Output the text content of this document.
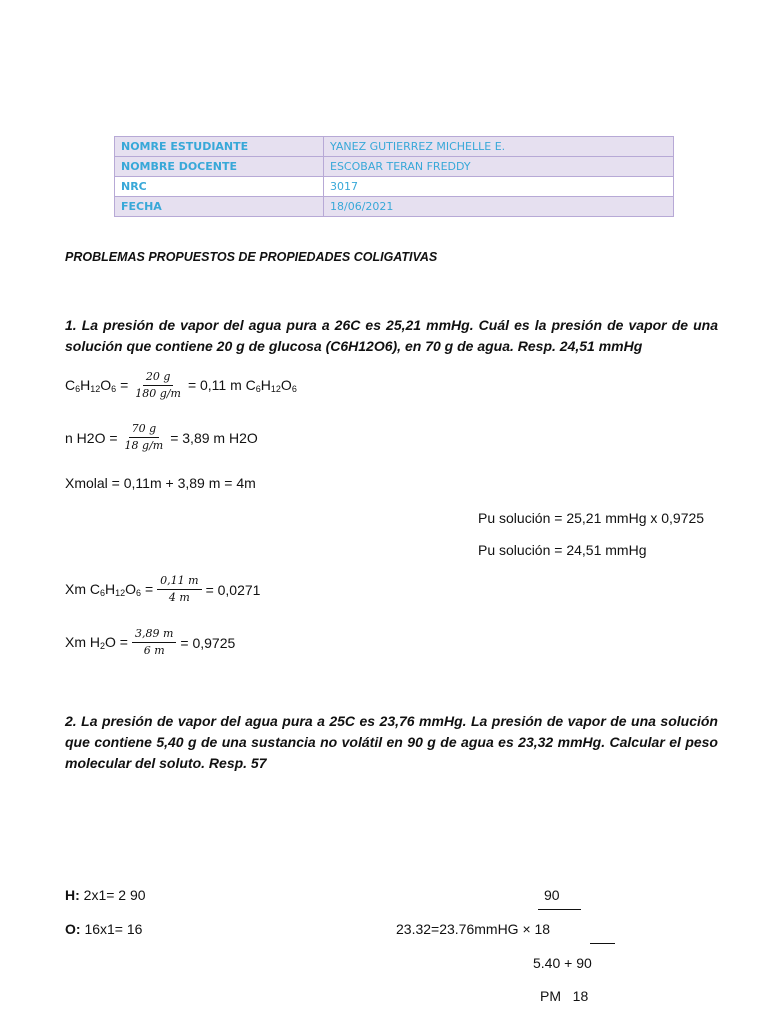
NOMRE ESTUDIANTE	YANEZ GUTIERREZ MICHELLE E.
NOMBRE DOCENTE	ESCOBAR TERAN FREDDY
NRC	3017
FECHA	18/06/2021
PROBLEMAS PROPUESTOS DE PROPIEDADES COLIGATIVAS
1. La presión de vapor del agua pura a 26C es 25,21 mmHg. Cuál es la presión de vapor de una solución que contiene 20 g de glucosa (C6H12O6), en 70 g de agua. Resp. 24,51 mmHg
$C_6H_{12}O_6 = \frac{20 g}{180 g/m} = 0,11$ m $C_6H_{12}O_6$
n $H2O = \frac{70 g}{18 g/m} = 3,89$ m H2O
Xmolal = 0,11m + 3,89 m = 4m
Pu solución = 25,21 mmHg x 0,9725
Pu solución = 24,51 mmHg
Xm $C_6H_{12}O_6 = \frac{0,11 m}{4 m} = 0,0271$
Xm $H_2O = \frac{3,89 m}{6 m} = 0,9725$
2. La presión de vapor del agua pura a 25C es 23,76 mmHg. La presión de vapor de una solución que contiene 5,40 g de una sustancia no volátil en 90 g de agua es 23,32 mmHg. Calcular el peso molecular del soluto. Resp. 57
H: 2x1= 2 90
O: 16x1= 16
90
23.32=23.76mmHG × 18
5.40 + 90
PM 18
